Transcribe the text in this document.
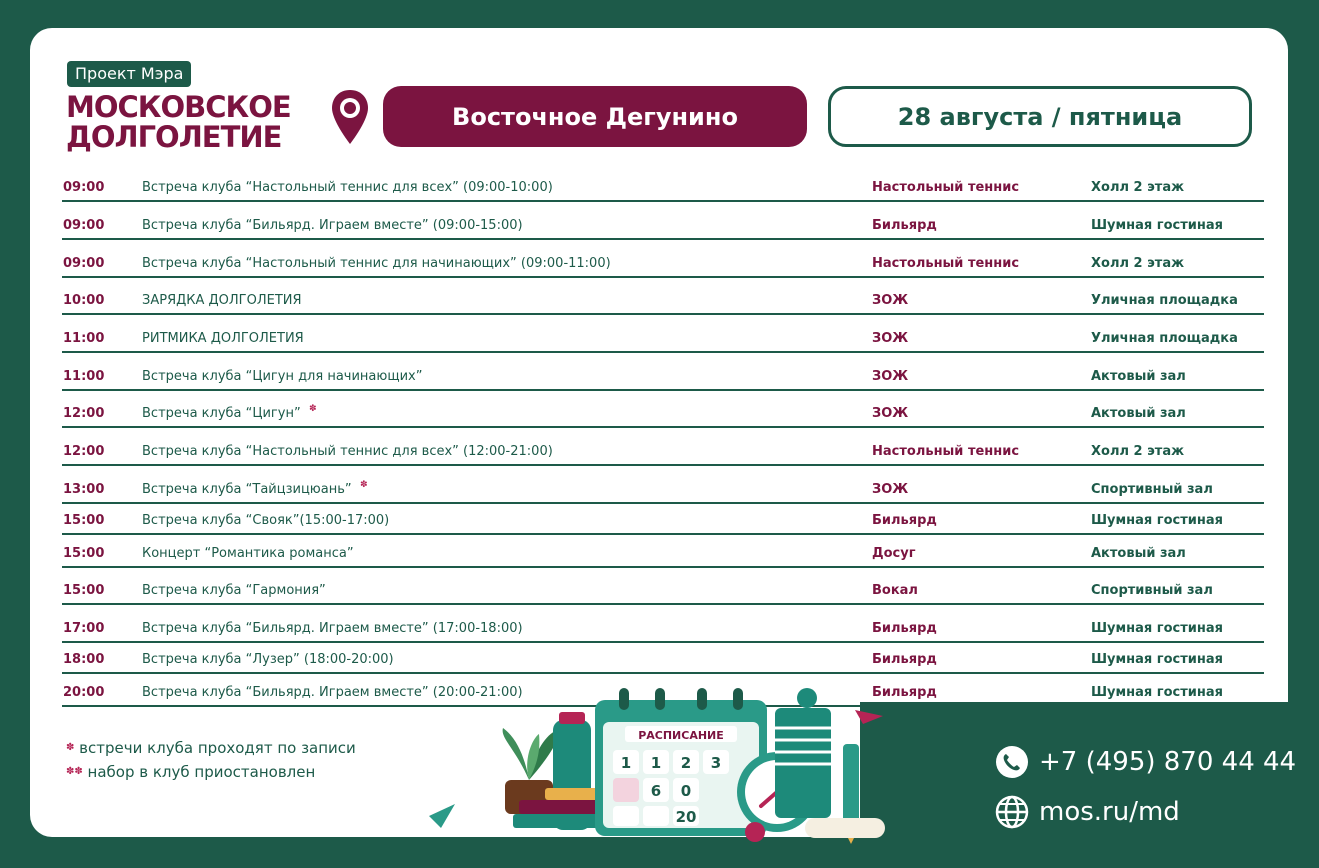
Проект Мэра
МОСКОВСКОЕ
ДОЛГОЛЕТИЕ
Восточное Дегунино	28 августа / пятница
09:00	Встреча клуба “Настольный теннис для всех” (09:00-10:00)	Настольный теннис	Холл 2 этаж
09:00	Встреча клуба “Бильярд. Играем вместе” (09:00-15:00)	Бильярд	Шумная гостиная
09:00	Встреча клуба “Настольный теннис для начинающих” (09:00-11:00)	Настольный теннис	Холл 2 этаж
10:00	ЗАРЯДКА ДОЛГОЛЕТИЯ	ЗОЖ	Уличная площадка
11:00	РИТМИКА ДОЛГОЛЕТИЯ	ЗОЖ	Уличная площадка
11:00	Встреча клуба “Цигун для начинающих”	ЗОЖ	Актовый зал
12:00	Встреча клуба “Цигун” ✽	ЗОЖ	Актовый зал
12:00	Встреча клуба “Настольный теннис для всех” (12:00-21:00)	Настольный теннис	Холл 2 этаж
13:00	Встреча клуба “Тайцзицюань” ✽	ЗОЖ	Спортивный зал
15:00	Встреча клуба “Свояк”(15:00-17:00)	Бильярд	Шумная гостиная
15:00	Концерт “Романтика романса”	Досуг	Актовый зал
15:00	Встреча клуба “Гармония”	Вокал	Спортивный зал
17:00	Встреча клуба “Бильярд. Играем вместе” (17:00-18:00)	Бильярд	Шумная гостиная
18:00	Встреча клуба “Лузер” (18:00-20:00)	Бильярд	Шумная гостиная
20:00	Встреча клуба “Бильярд. Играем вместе” (20:00-21:00)	Бильярд	Шумная гостиная
✽ встречи клуба проходят по записи
✽✽ набор в клуб приостановлен
РАСПИСАНИЕ
1 1 2 3
6 0
20
+7 (495) 870 44 44
mos.ru/md
